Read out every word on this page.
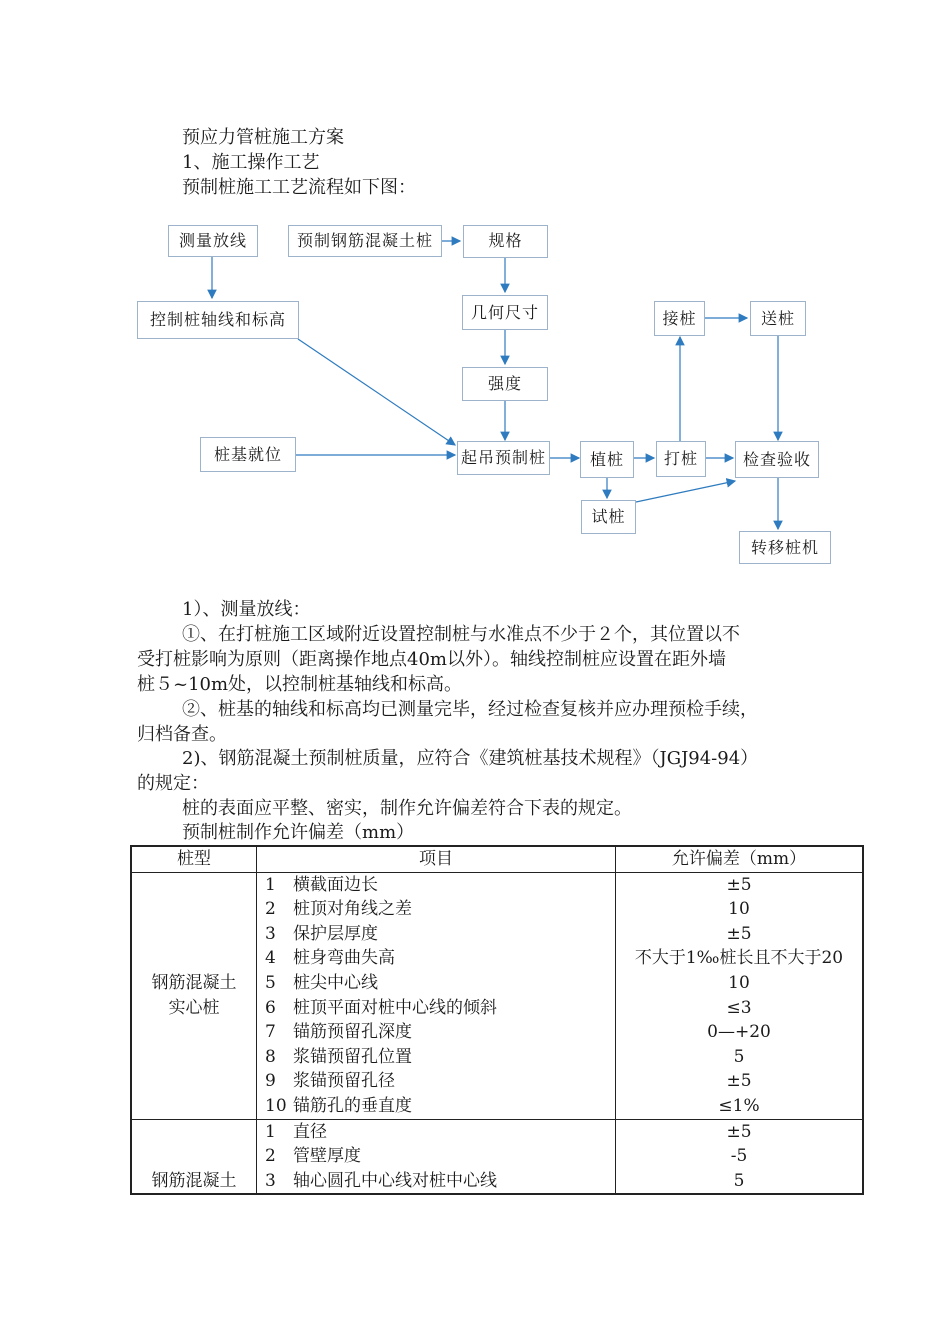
预应力管桩施工方案
1、施工操作工艺
预制桩施工工艺流程如下图：
测量放线	预制钢筋混凝土桩	规格
控制桩轴线和标高	几何尺寸
强度
接桩	送桩
桩基就位	起吊预制桩	植桩	打桩	检查验收
试桩
转移桩机
1）、测量放线：
①、在打桩施工区域附近设置控制桩与水准点不少于２个，其位置以不
受打桩影响为原则（距离操作地点40m以外）。轴线控制桩应设置在距外墙
桩５~10m处，以控制桩基轴线和标高。
②、桩基的轴线和标高均已测量完毕，经过检查复核并应办理预检手续，
归档备查。
2)、钢筋混凝土预制桩质量，应符合《建筑桩基技术规程》（JGJ94-94）
的规定：
桩的表面应平整、密实，制作允许偏差符合下表的规定。
预制桩制作允许偏差（mm）
桩型	项目	允许偏差（mm）

钢筋混凝土
实心桩	1 横截面边长	±5
	2 桩顶对角线之差	10
	3 保护层厚度	±5
	4 桩身弯曲失高	不大于1‰桩长且不大于20
	5 桩尖中心线	10
	6 桩顶平面对桩中心线的倾斜	≤3
	7 锚筋预留孔深度	0—+20
	8 浆锚预留孔位置	5
	9 浆锚预留孔径	±5
	10 锚筋孔的垂直度	≤1%

钢筋混凝土	1 直径	±5
	2 管壁厚度	-5
	3 轴心圆孔中心线对桩中心线	5
